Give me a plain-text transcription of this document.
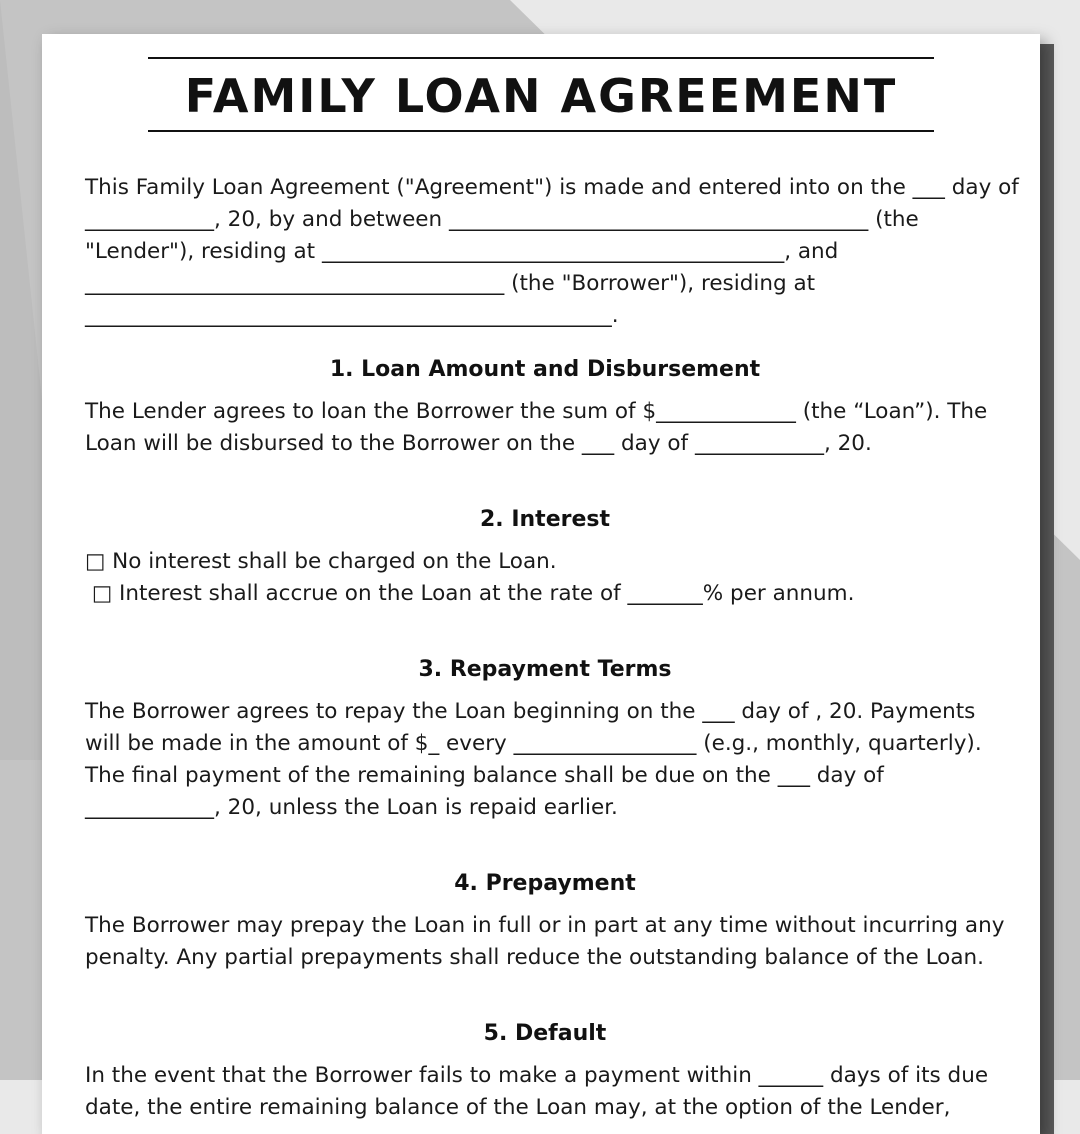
FAMILY LOAN AGREEMENT

This Family Loan Agreement ("Agreement") is made and entered into on the ___ day of
____________, 20, by and between _______________________________________ (the
"Lender"), residing at ___________________________________________, and
_______________________________________ (the "Borrower"), residing at
_________________________________________________.

1. Loan Amount and Disbursement

The Lender agrees to loan the Borrower the sum of $_____________ (the “Loan”). The
Loan will be disbursed to the Borrower on the ___ day of ____________, 20.

2. Interest

□ No interest shall be charged on the Loan.
□ Interest shall accrue on the Loan at the rate of _______% per annum.

3. Repayment Terms

The Borrower agrees to repay the Loan beginning on the ___ day of , 20. Payments
will be made in the amount of $_ every _________________ (e.g., monthly, quarterly).
The final payment of the remaining balance shall be due on the ___ day of
____________, 20, unless the Loan is repaid earlier.

4. Prepayment

The Borrower may prepay the Loan in full or in part at any time without incurring any
penalty. Any partial prepayments shall reduce the outstanding balance of the Loan.

5. Default

In the event that the Borrower fails to make a payment within ______ days of its due
date, the entire remaining balance of the Loan may, at the option of the Lender,
